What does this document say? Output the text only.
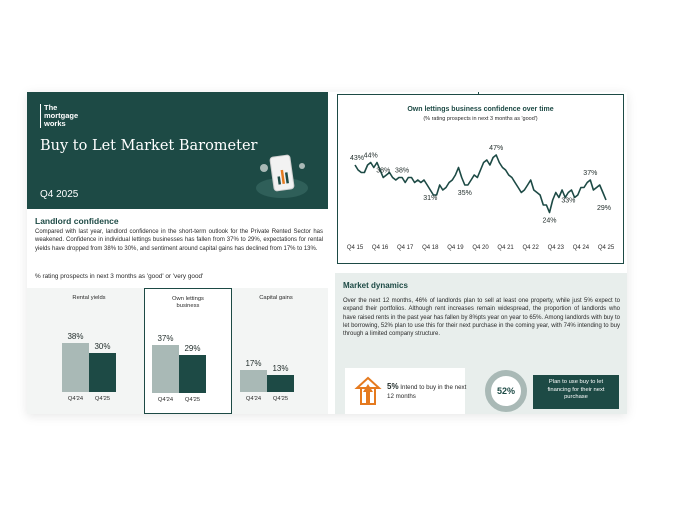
The
mortgage
works
Buy to Let Market Barometer
Q4 2025
Landlord confidence
Compared with last year, landlord confidence in the short-term outlook for the Private Rented Sector has weakened. Confidence in individual lettings businesses has fallen from 37% to 29%, expectations for rental yields have dropped from 38% to 30%, and sentiment around capital gains has declined from 17% to 13%.
% rating prospects in next 3 months as 'good' or 'very good'
Rental yields
38%
30%
Q4'24	Q4'25
Own lettings
business
37%
29%
Q4'24	Q4'25
Capital gains
17%
13%
Q4'24	Q4'25
Own lettings business confidence over time
(% rating prospects in next 3 months as 'good')
43% 44%
38% 38%
31%
35%
47%
24%
33%
37%
29%
Q4 15 Q4 16 Q4 17 Q4 18 Q4 19 Q4 20 Q4 21 Q4 22 Q4 23 Q4 24 Q4 25
Market dynamics
Over the next 12 months, 46% of landlords plan to sell at least one property, while just 5% expect to expand their portfolios. Although rent increases remain widespread, the proportion of landlords who have raised rents in the past year has fallen by 8%pts year on year to 65%. Among landlords with buy to let borrowing, 52% plan to use this for their next purchase in the coming year, with 74% intending to buy through a limited company structure.
5% Intend to buy in the next 12 months	52%
Plan to use buy to let financing for their next purchase
